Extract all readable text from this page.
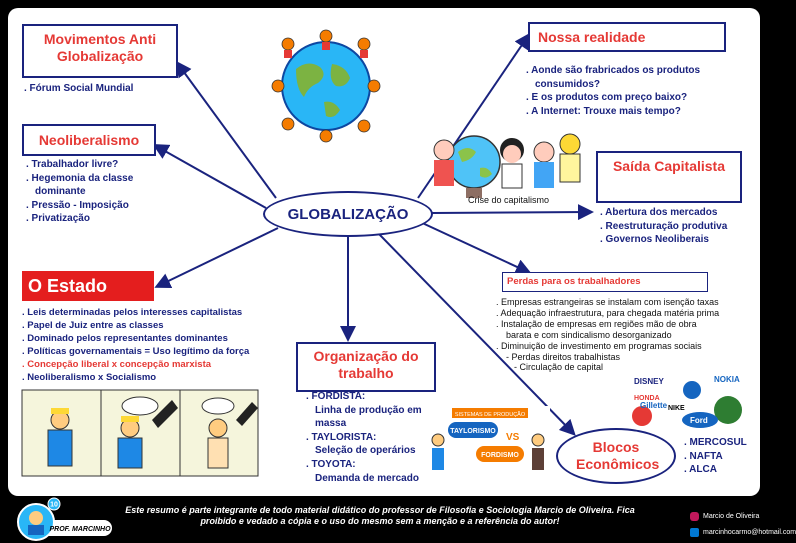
Crise do capitalismo
GLOBALIZAÇÃO
Movimentos Anti Globalização
. Fórum Social Mundial
Neoliberalismo
. Trabalhador livre?
. Hegemonia da classe
dominante
. Pressão - Imposição
. Privatização
O Estado
. Leis determinadas pelos interesses capitalistas
. Papel de Juiz entre as classes
. Dominado pelos representantes dominantes
. Políticas governamentais = Uso legítimo da força
. Concepção liberal x concepção marxista
. Neoliberalismo x Socialismo
Nossa realidade
. Aonde são frabricados os produtos
consumidos?
. E os produtos com preço baixo?
. A Internet: Trouxe mais tempo?
Saída Capitalista
. Abertura dos mercados
. Reestruturação produtiva
. Governos Neoliberais
Perdas para os trabalhadores
. Empresas estrangeiras se instalam com isenção taxas
. Adequação infraestrutura, para chegada matéria prima
. Instalação de empresas em regiões mão de obra
barata e com sindicalismo desorganizado
. Diminuição de investimento em programas sociais
- Perdas direitos trabalhistas
- Circulação de capital
DISNEY
NIKE
NOKIA
HONDA
Gillette
Ford
Organização do trabalho
. FORDISTA:
Linha de produção em
massa
. TAYLORISTA:
Seleção de operários
. TOYOTA:
Demanda de mercado
SISTEMAS DE PRODUÇÃO
TAYLORISMO
VS
FORDISMO
Blocos Econômicos
. MERCOSUL
. NAFTA
. ALCA
10
PROF. MARCINHO
Este resumo é parte integrante de todo material didático do professor de Filosofia e Sociologia Marcio de Oliveira. Fica proibido e vedado a cópia e o uso do mesmo sem a menção e a referência do autor!	Marcio de Oliveira
marcinhocarmo@hotmail.com
